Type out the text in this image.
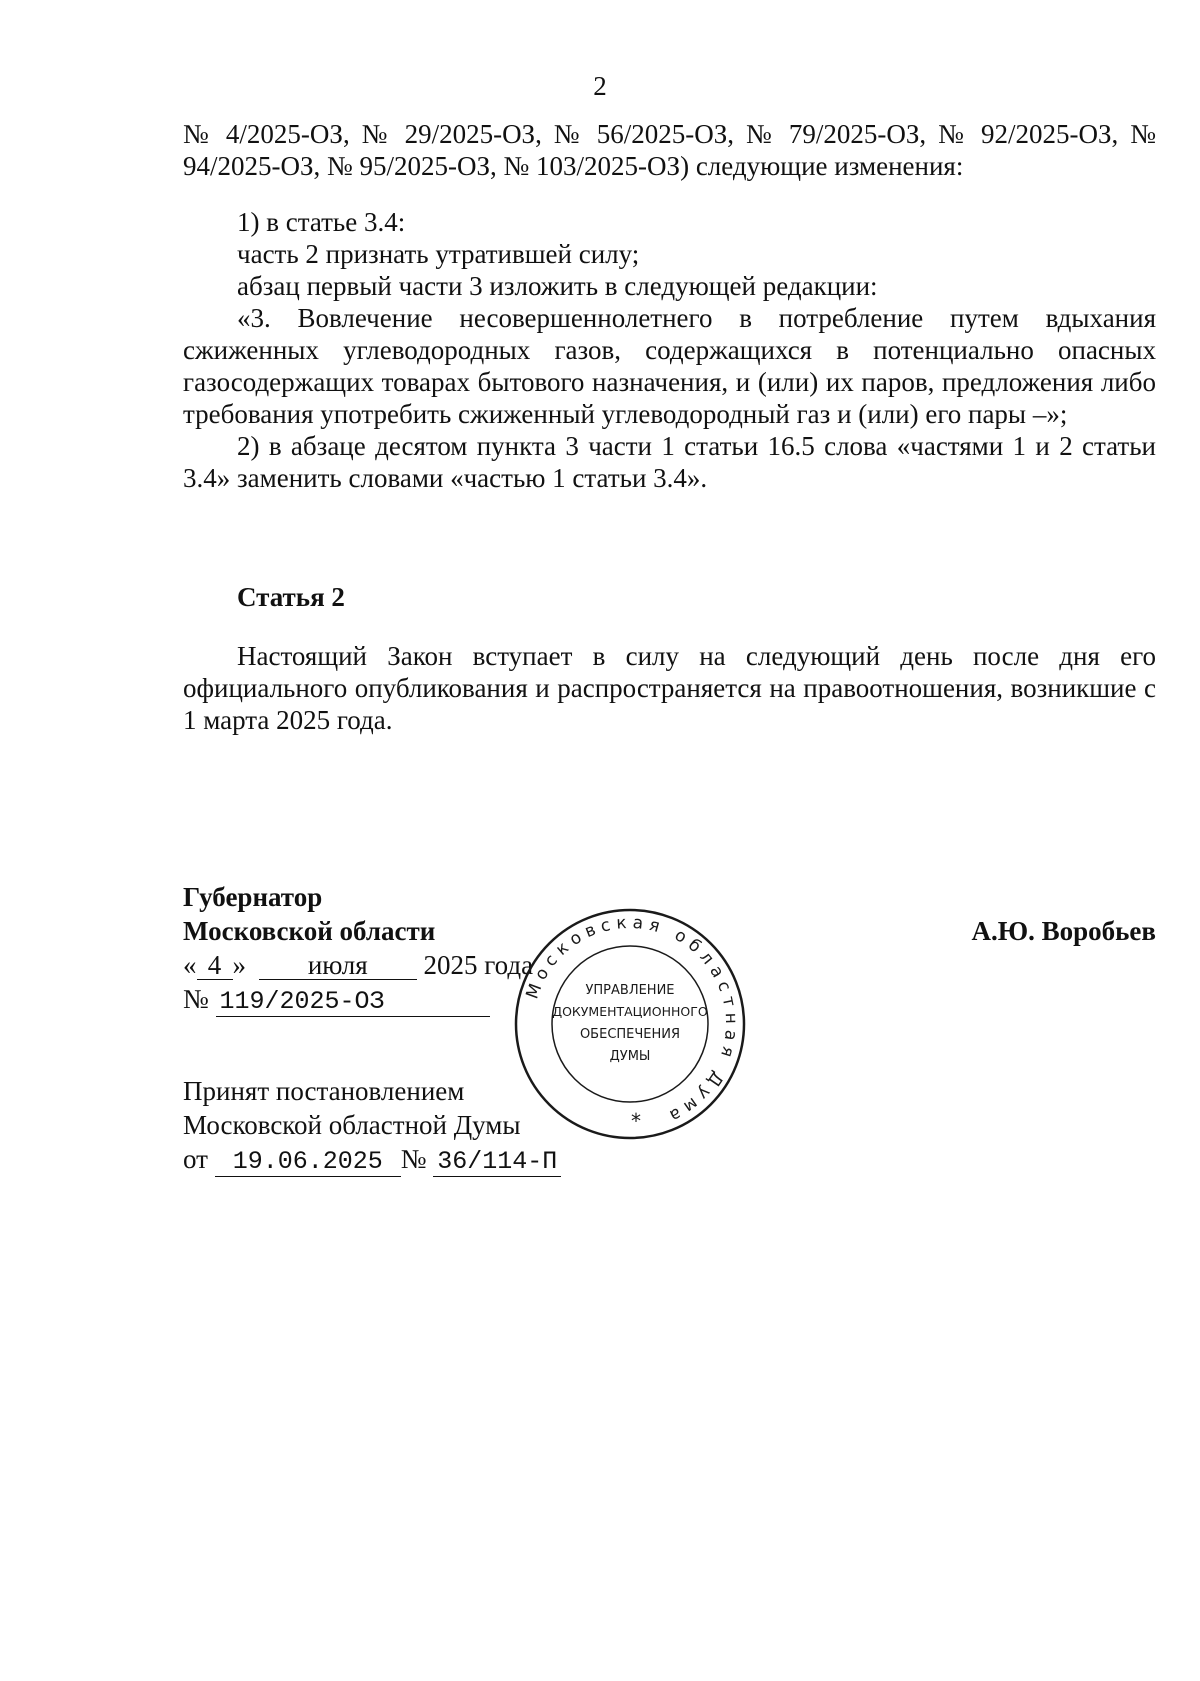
2

№ 4/2025-ОЗ, № 29/2025-ОЗ, № 56/2025-ОЗ, № 79/2025-ОЗ, № 92/2025-ОЗ, № 94/2025-ОЗ, № 95/2025-ОЗ, № 103/2025-ОЗ) следующие изменения:

1) в статье 3.4:

часть 2 признать утратившей силу;

абзац первый части 3 изложить в следующей редакции:

«3. Вовлечение несовершеннолетнего в потребление путем вдыхания сжиженных углеводородных газов, содержащихся в потенциально опасных газосодержащих товарах бытового назначения, и (или) их паров, предложения либо требования употребить сжиженный углеводородный газ и (или) его пары –»;

2) в абзаце десятом пункта 3 части 1 статьи 16.5 слова «частями 1 и 2 статьи 3.4» заменить словами «частью 1 статьи 3.4».

Статья 2

Настоящий Закон вступает в силу на следующий день после дня его официального опубликования и распространяется на правоотношения, возникшие с 1 марта 2025 года.

Губернатор
Московской области	А.Ю. Воробьев
« 4 » июля 2025 года
№ 119/2025-ОЗ
Принят постановлением
Московской областной Думы
от 19.06.2025 № 36/114-П
Московская областная Дума
УПРАВЛЕНИЕ
ДОКУМЕНТАЦИОННОГО
ОБЕСПЕЧЕНИЯ
ДУМЫ
*
